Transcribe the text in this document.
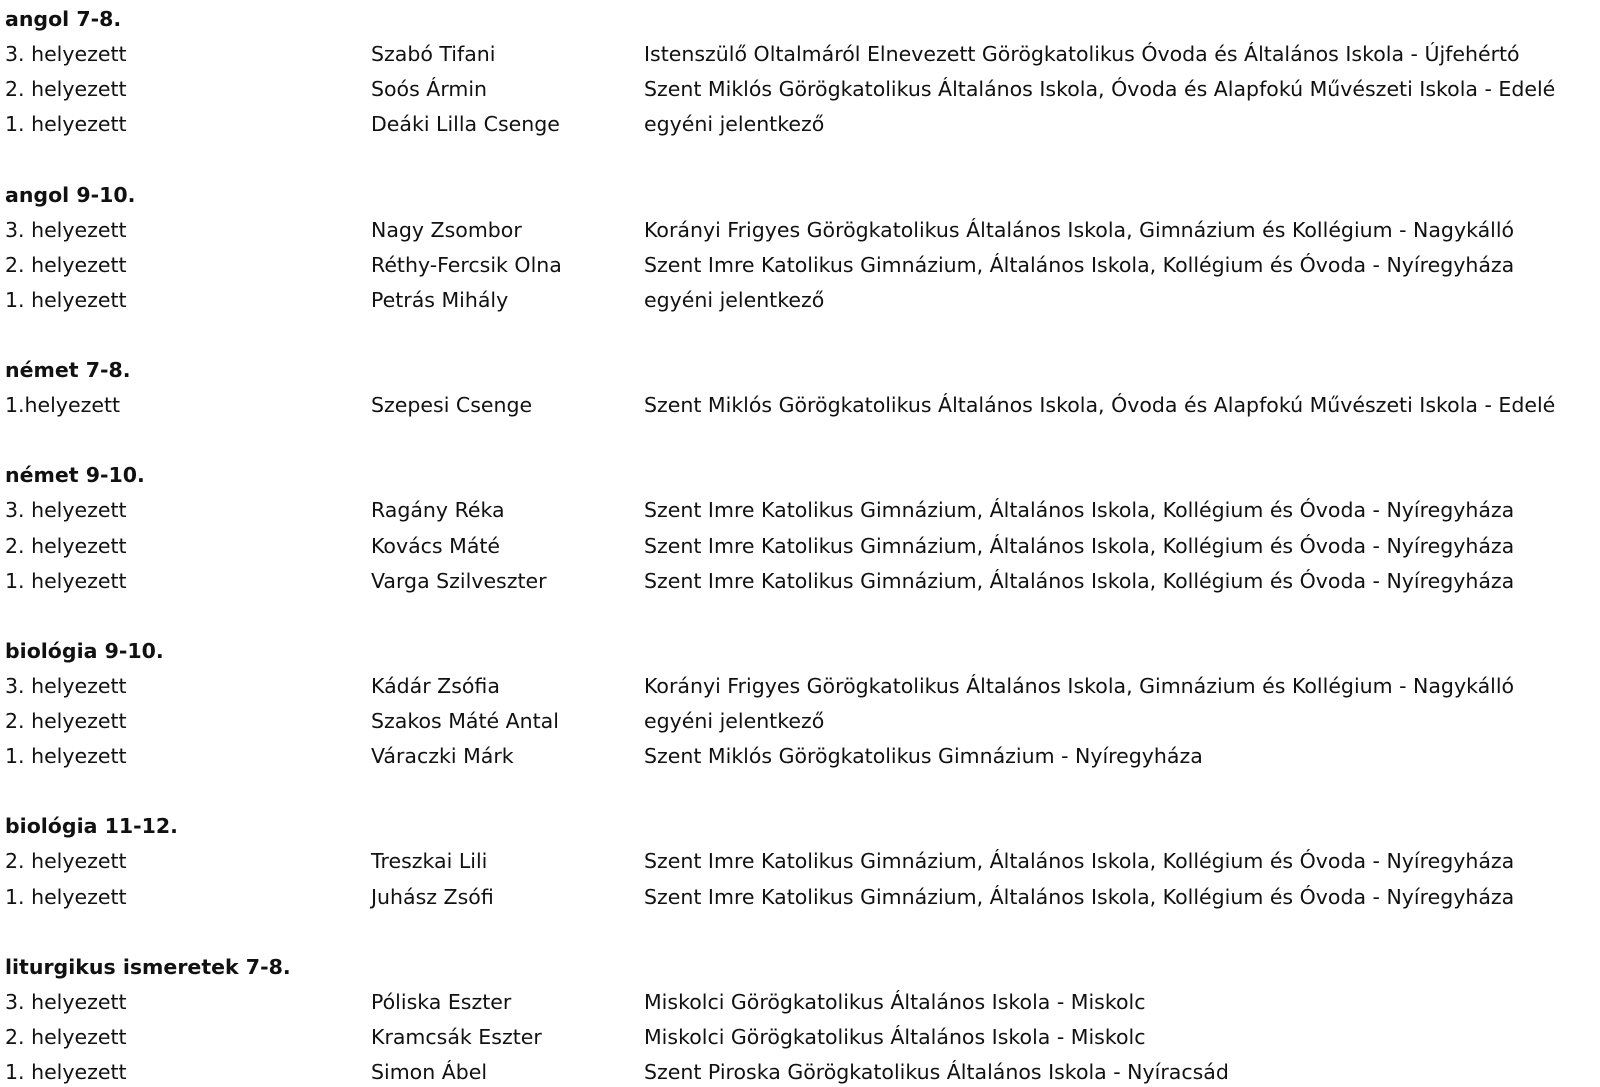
angol 7-8.
3. helyezett	Szabó Tifani	Istenszülő Oltalmáról Elnevezett Görögkatolikus Óvoda és Általános Iskola - Újfehértó
2. helyezett	Soós Ármin	Szent Miklós Görögkatolikus Általános Iskola, Óvoda és Alapfokú Művészeti Iskola - Edelé
1. helyezett	Deáki Lilla Csenge	egyéni jelentkező
angol 9-10.
3. helyezett	Nagy Zsombor	Korányi Frigyes Görögkatolikus Általános Iskola, Gimnázium és Kollégium - Nagykálló
2. helyezett	Réthy-Fercsik Olna	Szent Imre Katolikus Gimnázium, Általános Iskola, Kollégium és Óvoda - Nyíregyháza
1. helyezett	Petrás Mihály	egyéni jelentkező
német 7-8.
1.helyezett	Szepesi Csenge	Szent Miklós Görögkatolikus Általános Iskola, Óvoda és Alapfokú Művészeti Iskola - Edelé
német 9-10.
3. helyezett	Ragány Réka	Szent Imre Katolikus Gimnázium, Általános Iskola, Kollégium és Óvoda - Nyíregyháza
2. helyezett	Kovács Máté	Szent Imre Katolikus Gimnázium, Általános Iskola, Kollégium és Óvoda - Nyíregyháza
1. helyezett	Varga Szilveszter	Szent Imre Katolikus Gimnázium, Általános Iskola, Kollégium és Óvoda - Nyíregyháza
biológia 9-10.
3. helyezett	Kádár Zsófia	Korányi Frigyes Görögkatolikus Általános Iskola, Gimnázium és Kollégium - Nagykálló
2. helyezett	Szakos Máté Antal	egyéni jelentkező
1. helyezett	Váraczki Márk	Szent Miklós Görögkatolikus Gimnázium - Nyíregyháza
biológia 11-12.
2. helyezett	Treszkai Lili	Szent Imre Katolikus Gimnázium, Általános Iskola, Kollégium és Óvoda - Nyíregyháza
1. helyezett	Juhász Zsófi	Szent Imre Katolikus Gimnázium, Általános Iskola, Kollégium és Óvoda - Nyíregyháza
liturgikus ismeretek 7-8.
3. helyezett	Póliska Eszter	Miskolci Görögkatolikus Általános Iskola - Miskolc
2. helyezett	Kramcsák Eszter	Miskolci Görögkatolikus Általános Iskola - Miskolc
1. helyezett	Simon Ábel	Szent Piroska Görögkatolikus Általános Iskola - Nyíracsád
